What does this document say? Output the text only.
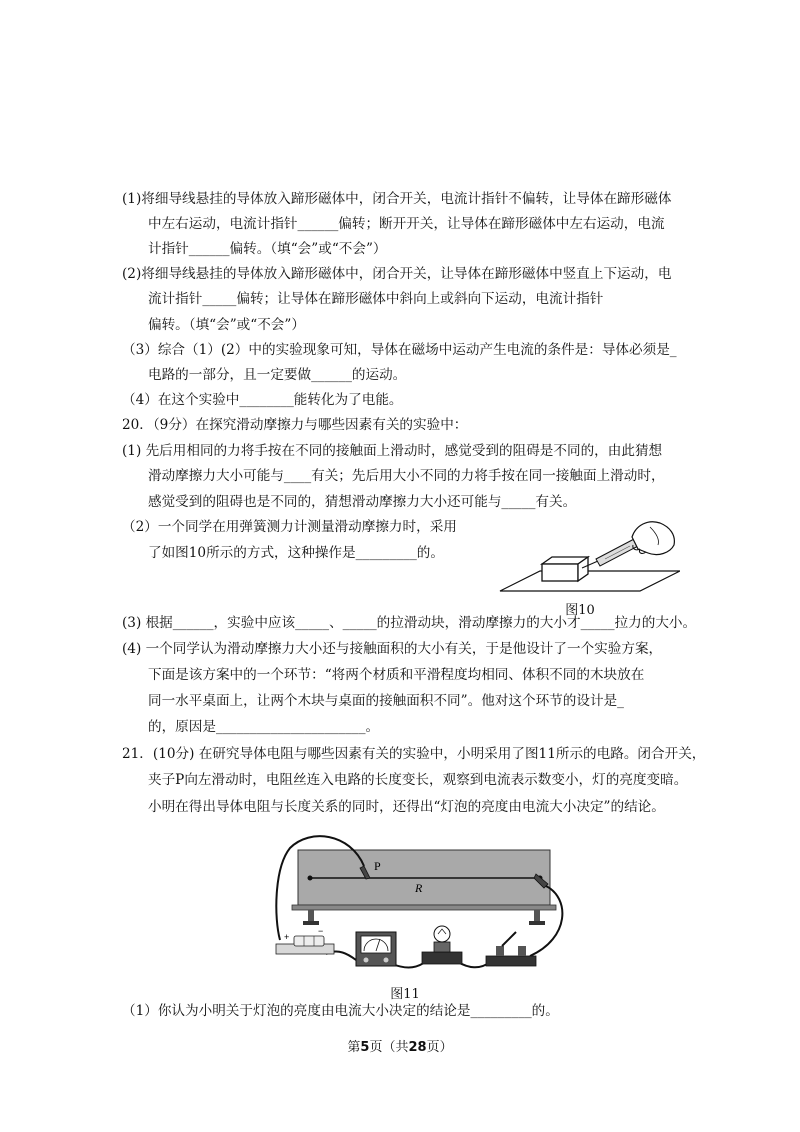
(1)将细导线悬挂的导体放入蹄形磁体中，闭合开关，电流计指针不偏转，让导体在蹄形磁体
中左右运动，电流计指针______偏转；断开开关，让导体在蹄形磁体中左右运动，电流
计指针______偏转。（填“会”或“不会”）
(2)将细导线悬挂的导体放入蹄形磁体中，闭合开关，让导体在蹄形磁体中竖直上下运动，电
流计指针_____偏转；让导体在蹄形磁体中斜向上或斜向下运动，电流计指针
偏转。（填“会”或“不会”）
（3）综合（1）(2）中的实验现象可知，导体在磁场中运动产生电流的条件是：导体必须是_
电路的一部分，且一定要做______的运动。
（4）在这个实验中________能转化为了电能。
20．（9分）在探究滑动摩擦力与哪些因素有关的实验中：
(1) 先后用相同的力将手按在不同的接触面上滑动时，感觉受到的阻碍是不同的，由此猜想
滑动摩擦力大小可能与____有关；先后用大小不同的力将手按在同一接触面上滑动时，
感觉受到的阻碍也是不同的，猜想滑动摩擦力大小还可能与_____有关。
（2）一个同学在用弹簧测力计测量滑动摩擦力时，采用
了如图10所示的方式，这种操作是_________的。
(3) 根据______，实验中应该_____、_____的拉滑动块，滑动摩擦力的大小才_____拉力的大小。
(4) 一个同学认为滑动摩擦力大小还与接触面积的大小有关，于是他设计了一个实验方案，
下面是该方案中的一个环节：“将两个材质和平滑程度均相同、体积不同的木块放在
同一水平桌面上，让两个木块与桌面的接触面积不同”。他对这个环节的设计是_
的，原因是______________________。
21．(10分) 在研究导体电阻与哪些因素有关的实验中，小明采用了图11所示的电路。闭合开关，
夹子P向左滑动时，电阻丝连入电路的长度变长，观察到电流表示数变小，灯的亮度变暗。
小明在得出导体电阻与长度关系的同时，还得出“灯泡的亮度由电流大小决定”的结论。
（1）你认为小明关于灯泡的亮度由电流大小决定的结论是_________的。
图10
R
P
+
−
图11
第5页（共28页）
